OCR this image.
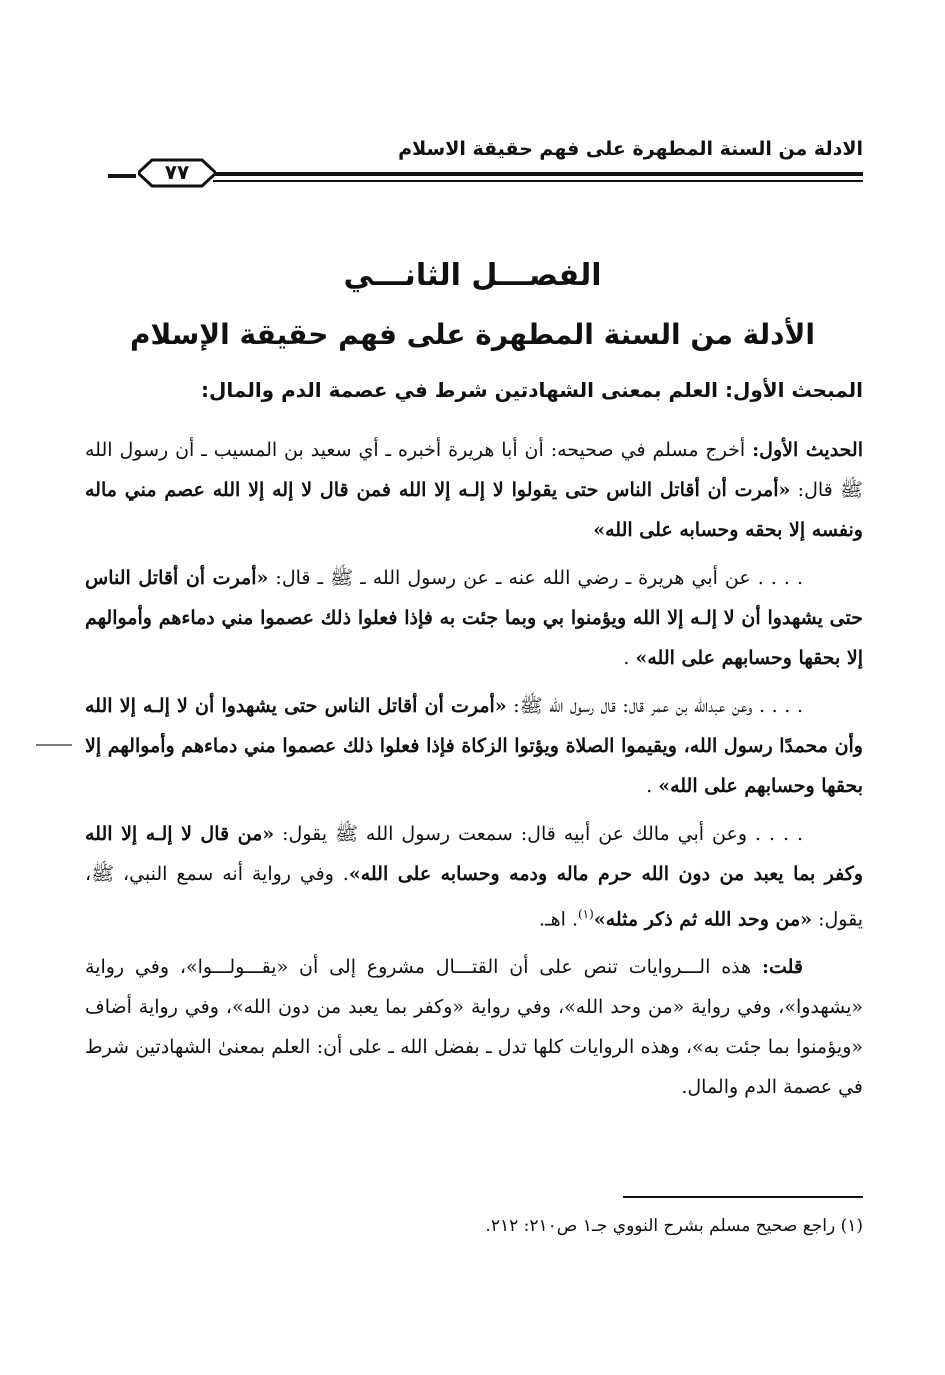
الادلة من السنة المطهرة على فهم حقيقة الاسلام
٧٧
الفصـــل الثانـــي
الأدلة من السنة المطهرة على فهم حقيقة الإسلام
المبحث الأول: العلم بمعنى الشهادتين شرط في عصمة الدم والمال:

الحديث الأول: أخرج مسلم في صحيحه: أن أبا هريرة أخبره ـ أي سعيد بن المسيب ـ أن رسول الله ﷺ قال: «أمرت أن أقاتل الناس حتى يقولوا لا إلـه إلا الله فمن قال لا إله إلا الله عصم مني ماله ونفسه إلا بحقه وحسابه على الله»

. . . . عن أبي هريرة ـ رضي الله عنه ـ عن رسول الله ـ ﷺ ـ قال: «أمرت أن أقاتل الناس حتى يشهدوا أن لا إلـه إلا الله ويؤمنوا بي وبما جئت به فإذا فعلوا ذلك عصموا مني دماءهم وأموالهم إلا بحقها وحسابهم على الله» .

. . . . وعن عبدالله بن عمر قال: قال رسول الله ﷺ: «أمرت أن أقاتل الناس حتى يشهدوا أن لا إلـه إلا الله وأن محمدًا رسول الله، ويقيموا الصلاة ويؤتوا الزكاة فإذا فعلوا ذلك عصموا مني دماءهم وأموالهم إلا بحقها وحسابهم على الله» .

. . . . وعن أبي مالك عن أبيه قال: سمعت رسول الله ﷺ يقول: «من قال لا إلـه إلا الله وكفر بما يعبد من دون الله حرم ماله ودمه وحسابه على الله». وفي رواية أنه سمع النبي، ﷺ، يقول: «من وحد الله ثم ذكر مثله»$^{(١)}$. اهـ.

قلت: هذه الـــروايات تنص على أن القتـــال مشروع إلى أن «يقـــولـــوا»، وفي رواية «يشهدوا»، وفي رواية «من وحد الله»، وفي رواية «وكفر بما يعبد من دون الله»، وفي رواية أضاف «ويؤمنوا بما جئت به»، وهذه الروايات كلها تدل ـ بفضل الله ـ على أن: العلم بمعنىٰ الشهادتين شرط في عصمة الدم والمال.

(١) راجع صحيح مسلم بشرح النووي جـ١ ص٢١٠: ٢١٢.
